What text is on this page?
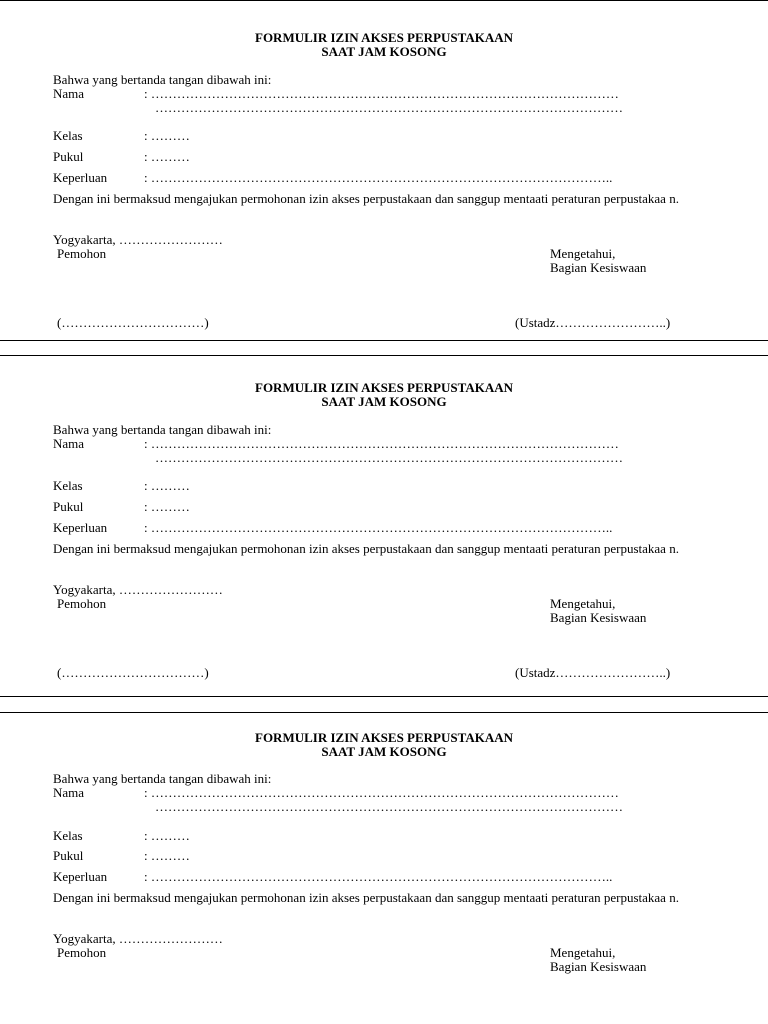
FORMULIR IZIN AKSES PERPUSTAKAAN
SAAT JAM KOSONG
Bahwa yang bertanda tangan dibawah ini:
Nama	: ………………………………………………………………………………………………
………………………………………………………………………………………………
Kelas	: ………
Pukul	: ………
Keperluan	: ……………………………………………………………………………………………..
Dengan ini bermaksud mengajukan permohonan izin akses perpustakaan dan sanggup mentaati peraturan perpustakaa n.
Yogyakarta, ……………………
Pemohon	Mengetahui,
Bagian Kesiswaan
(……………………………)	(Ustadz……………………..)
FORMULIR IZIN AKSES PERPUSTAKAAN
SAAT JAM KOSONG
Bahwa yang bertanda tangan dibawah ini:
Nama	: ………………………………………………………………………………………………
………………………………………………………………………………………………
Kelas	: ………
Pukul	: ………
Keperluan	: ……………………………………………………………………………………………..
Dengan ini bermaksud mengajukan permohonan izin akses perpustakaan dan sanggup mentaati peraturan perpustakaa n.
Yogyakarta, ……………………
Pemohon	Mengetahui,
Bagian Kesiswaan
(……………………………)	(Ustadz……………………..)
FORMULIR IZIN AKSES PERPUSTAKAAN
SAAT JAM KOSONG
Bahwa yang bertanda tangan dibawah ini:
Nama	: ………………………………………………………………………………………………
………………………………………………………………………………………………
Kelas	: ………
Pukul	: ………
Keperluan	: ……………………………………………………………………………………………..
Dengan ini bermaksud mengajukan permohonan izin akses perpustakaan dan sanggup mentaati peraturan perpustakaa n.
Yogyakarta, ……………………
Pemohon	Mengetahui,
Bagian Kesiswaan
